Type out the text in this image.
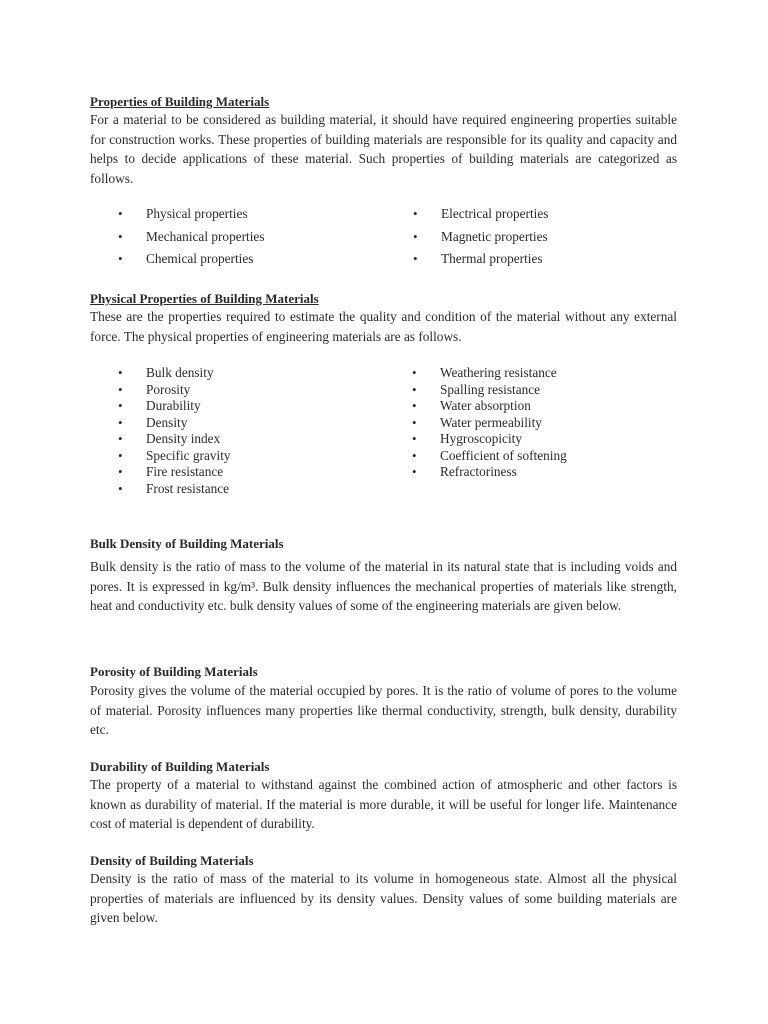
Properties of Building Materials

For a material to be considered as building material, it should have required engineering properties suitable for construction works. These properties of building materials are responsible for its quality and capacity and helps to decide applications of these material. Such properties of building materials are categorized as follows.

• Physical properties
• Mechanical properties
• Chemical properties
• Electrical properties
• Magnetic properties
• Thermal properties
Physical Properties of Building Materials

These are the properties required to estimate the quality and condition of the material without any external force. The physical properties of engineering materials are as follows.

• Bulk density
• Porosity
• Durability
• Density
• Density index
• Specific gravity
• Fire resistance
• Frost resistance
• Weathering resistance
• Spalling resistance
• Water absorption
• Water permeability
• Hygroscopicity
• Coefficient of softening
• Refractoriness
Bulk Density of Building Materials

Bulk density is the ratio of mass to the volume of the material in its natural state that is including voids and pores. It is expressed in kg/m³. Bulk density influences the mechanical properties of materials like strength, heat and conductivity etc. bulk density values of some of the engineering materials are given below.

Porosity of Building Materials

Porosity gives the volume of the material occupied by pores. It is the ratio of volume of pores to the volume of material. Porosity influences many properties like thermal conductivity, strength, bulk density, durability etc.

Durability of Building Materials

The property of a material to withstand against the combined action of atmospheric and other factors is known as durability of material. If the material is more durable, it will be useful for longer life. Maintenance cost of material is dependent of durability.

Density of Building Materials

Density is the ratio of mass of the material to its volume in homogeneous state. Almost all the physical properties of materials are influenced by its density values. Density values of some building materials are given below.
